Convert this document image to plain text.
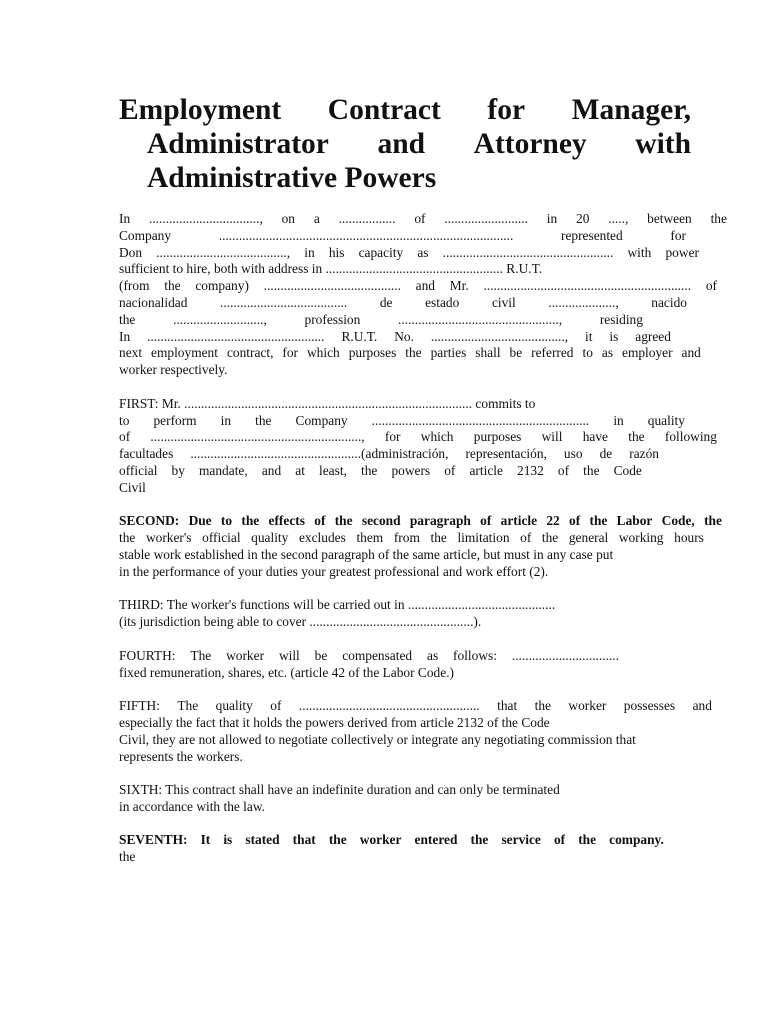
Employment Contract for Manager,
Administrator and Attorney with
Administrative Powers
In ................................., on a ................. of ......................... in 20 ....., between the
Company	........................................................................................	represented	for
Don ......................................., in his capacity as ................................................... with power
sufficient to hire, both with address in ..................................................... R.U.T.
(from the company) ......................................... and Mr. .............................................................. of
nacionalidad ...................................... de estado civil ...................., nacido
the	...........................,	profession	................................................,	residing
In ..................................................... R.U.T. No. ........................................, it is agreed
next employment contract, for which purposes the parties shall be referred to as employer and
worker respectively.
FIRST: Mr. ...................................................................................... commits to
to perform in the Company ................................................................. in quality
of ..............................................................., for which purposes will have the following
facultades ...................................................(administración, representación, uso de razón
official by mandate, and at least, the powers of article 2132 of the Code
Civil
SECOND: Due to the effects of the second paragraph of article 22 of the Labor Code, the
the worker's official quality excludes them from the limitation of the general working hours
stable work established in the second paragraph of the same article, but must in any case put
in the performance of your duties your greatest professional and work effort (2).
THIRD: The worker's functions will be carried out in ............................................
(its jurisdiction being able to cover .................................................).
FOURTH: The worker will be compensated as follows: ................................
fixed remuneration, shares, etc. (article 42 of the Labor Code.)
FIFTH: The quality of ...................................................... that the worker possesses and
especially the fact that it holds the powers derived from article 2132 of the Code
Civil, they are not allowed to negotiate collectively or integrate any negotiating commission that
represents the workers.
SIXTH: This contract shall have an indefinite duration and can only be terminated
in accordance with the law.
SEVENTH: It is stated that the worker entered the service of the company.
the
